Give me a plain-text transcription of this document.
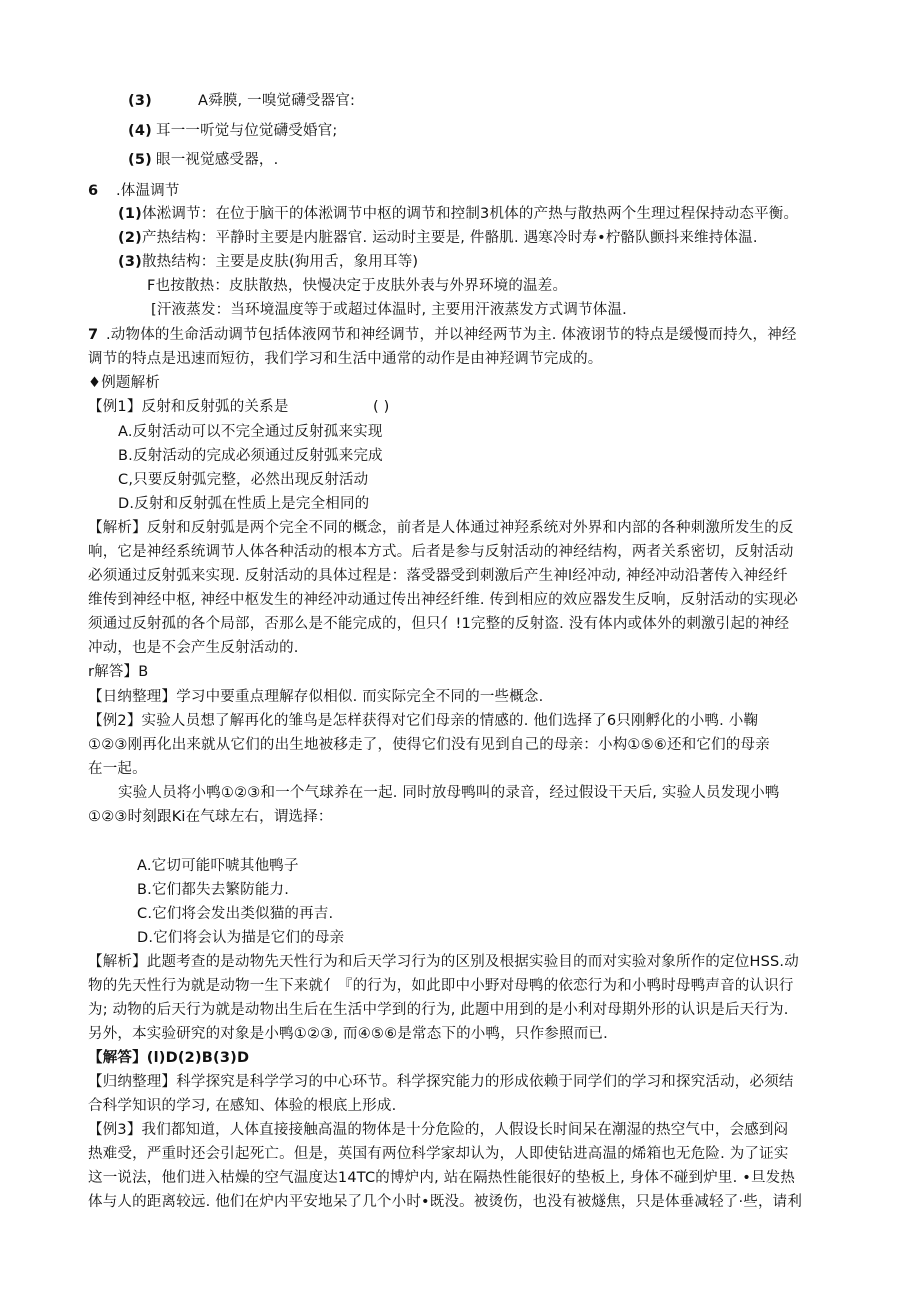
(3)	A舜膜, 一嗅觉礴受器官:
(4) 耳一一听觉与位觉礴受婚官;
(5) 眼一视觉感受器，.
6 .体温调节
(1)体淞调节：在位于脑干的体淞调节中枢的调节和控制3机体的产热与散热两个生理过程保持动态平衡。
(2)产热结构：平静时主要是内脏器官. 运动时主要是, 件骼肌. 遇寒冷时寿•柠骼队颤抖来维持体温.
(3)散热结构：主要是皮肤(狗用舌，象用耳等)
F也按散热：皮肤散热，快慢决定于皮肤外表与外界环境的温差。
[汗液蒸发：当环境温度等于或超过体温时, 主要用汗液蒸发方式调节体温.
7 .动物体的生命活动调节包括体液网节和神经调节，并以神经两节为主. 体液诩节的特点是缓慢而持久，神经
调节的特点是迅速而短彷，我们学习和生活中通常的动作是由神羟调节完成的。
♦例题解析
【例1】反射和反射弧的关系是	( )
A.反射活动可以不完全通过反射孤来实现
B.反射活动的完成必须通过反射弧来完成
C,只要反射弧完整，必然出现反射活动
D.反射和反射弧在性质上是完全相同的
【解析】反射和反射弧是两个完全不同的概念，前者是人体通过神羟系统对外界和内部的各种刺激所发生的反
响，它是神经系统调节人体各种活动的根本方式。后者是参与反射活动的神经结构，两者关系密切，反射活动
必须通过反射弧来实现. 反射活动的具体过程是：落受器受到刺激后产生神l经冲动, 神经冲动沿著传入神经纤
维传到神经中枢, 神经中枢发生的神经冲动通过传出神经纤维. 传到相应的效应器发生反响，反射活动的实现必
须通过反射孤的各个局部，否那么是不能完成的，但只亻!1完整的反射盗. 没有体内或体外的刺激引起的神经
冲动，也是不会产生反射活动的.
r解答】B
【日纳整理】学习中要重点理解存似相似. 而实际完全不同的一些概念.
【例2】实验人员想了解再化的雏鸟是怎样获得对它们母亲的情感的. 他们选择了6只刚孵化的小鸭. 小鞠
①②③刚再化出来就从它们的出生地被移走了，使得它们没有见到自己的母亲：小构①⑤⑥还和它们的母亲
在一起。
实验人员将小鸭①②③和一个气球养在一起. 同时放母鸭叫的录音，经过假设干天后, 实验人员发现小鸭
①②③时刻跟Ki在气球左右，谓选择：
A.它切可能吓唬其他鸭子
B.它们都失去繁防能力.
C.它们将会发出类似猫的再吉.
D.它们将会认为描是它们的母亲
【解析】此题考查的是动物先天性行为和后天学习行为的区别及根据实验目的而对实验对象所作的定位HSS.动
物的先天性行为就是动物一生下来就亻『的行为，如此即中小野对母鸭的依恋行为和小鸭时母鸭声音的认识行
为; 动物的后天行为就是动物出生后在生活中学到的行为, 此题中用到的是小利对母期外形的认识是后天行为.
另外，本实验研究的对象是小鸭①②③, 而④⑤⑥是常态下的小鸭，只作参照而已.
【解答】(l)D(2)B(3)D
【归纳整理】科学探究是科学学习的中心环节。科学探究能力的形成依赖于同学们的学习和探究活动，必须结
合科学知识的学习, 在感知、体验的根底上形成.
【例3】我们都知道，人体直接接触高温的物体是十分危险的，人假设长时间呆在潮湿的热空气中，会感到闷
热难受，严重时还会引起死亡。但是，英国有两位科学家却认为，人即使钻进高温的烯箱也无危险. 为了证实
这一说法，他们进入枯燥的空气温度达14TC的博炉内, 站在隔热性能很好的垫板上, 身体不碰到炉里. •旦发热
体与人的距离较远. 他们在炉内平安地呆了几个小时•既没。被烫伤，也没有被燧焦，只是体垂减轻了·些，请利
